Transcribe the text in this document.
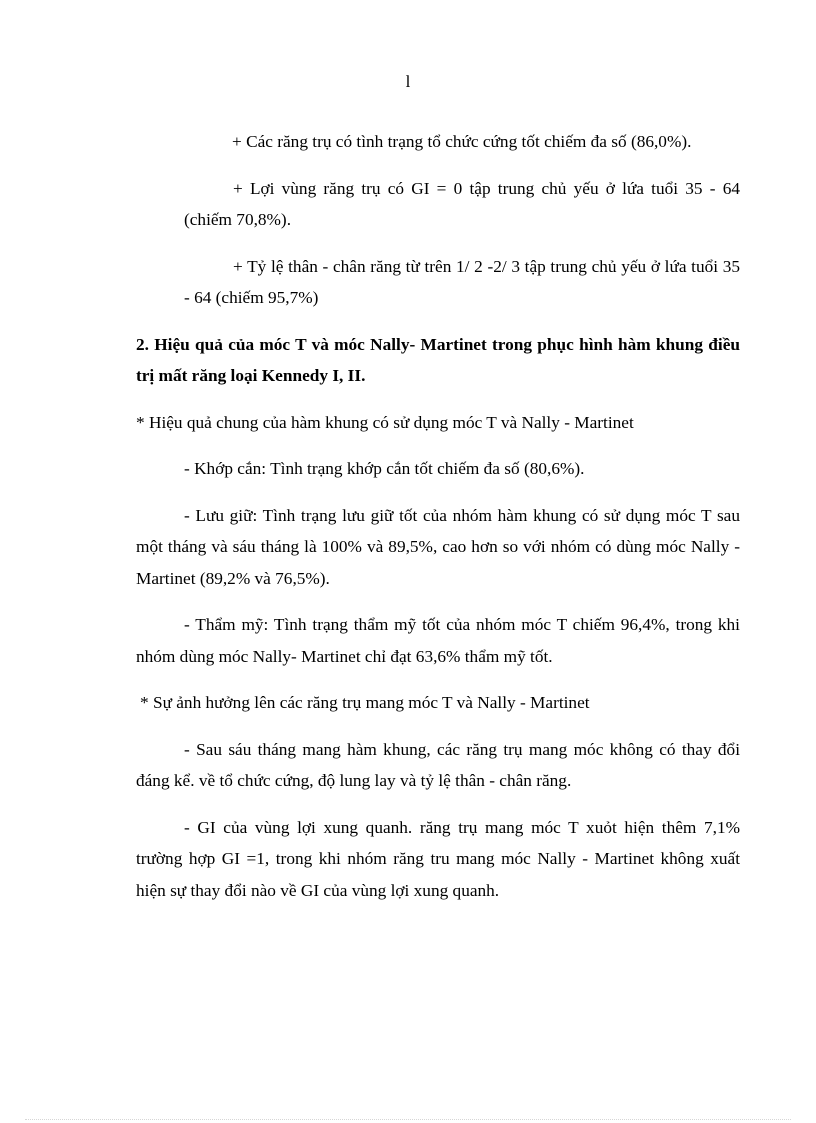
l

+ Các răng trụ có tình trạng tổ chức cứng tốt chiếm đa số (86,0%).

+ Lợi vùng răng trụ có GI = 0 tập trung chủ yếu ở lứa tuổi 35 - 64 (chiếm 70,8%).

+ Tỷ lệ thân - chân răng từ trên 1/ 2 -2/ 3 tập trung chủ yếu ở lứa tuổi 35 - 64 (chiếm 95,7%)

2. Hiệu quả của móc T và móc Nally- Martinet trong phục hình hàm khung điều trị mất răng loại Kennedy I, II.

* Hiệu quả chung của hàm khung có sử dụng móc T và Nally - Martinet

- Khớp cắn: Tình trạng khớp cắn tốt chiếm đa số (80,6%).

- Lưu giữ: Tình trạng lưu giữ tốt của nhóm hàm khung có sử dụng móc T sau một tháng và sáu tháng là 100% và 89,5%, cao hơn so với nhóm có dùng móc Nally - Martinet (89,2% và 76,5%).

- Thẩm mỹ: Tình trạng thẩm mỹ tốt của nhóm móc T chiếm 96,4%, trong khi nhóm dùng móc Nally- Martinet chỉ đạt 63,6% thẩm mỹ tốt.

* Sự ảnh hưởng lên các răng trụ mang móc T và Nally - Martinet

- Sau sáu tháng mang hàm khung, các răng trụ mang móc không có thay đổi đáng kể. về tổ chức cứng, độ lung lay và tỷ lệ thân - chân răng.

- GI của vùng lợi xung quanh. răng trụ mang móc T xuỏt hiện thêm 7,1% trường hợp GI =1, trong khi nhóm răng tru mang móc Nally - Martinet không xuất hiện sự thay đổi nào về GI của vùng lợi xung quanh.
